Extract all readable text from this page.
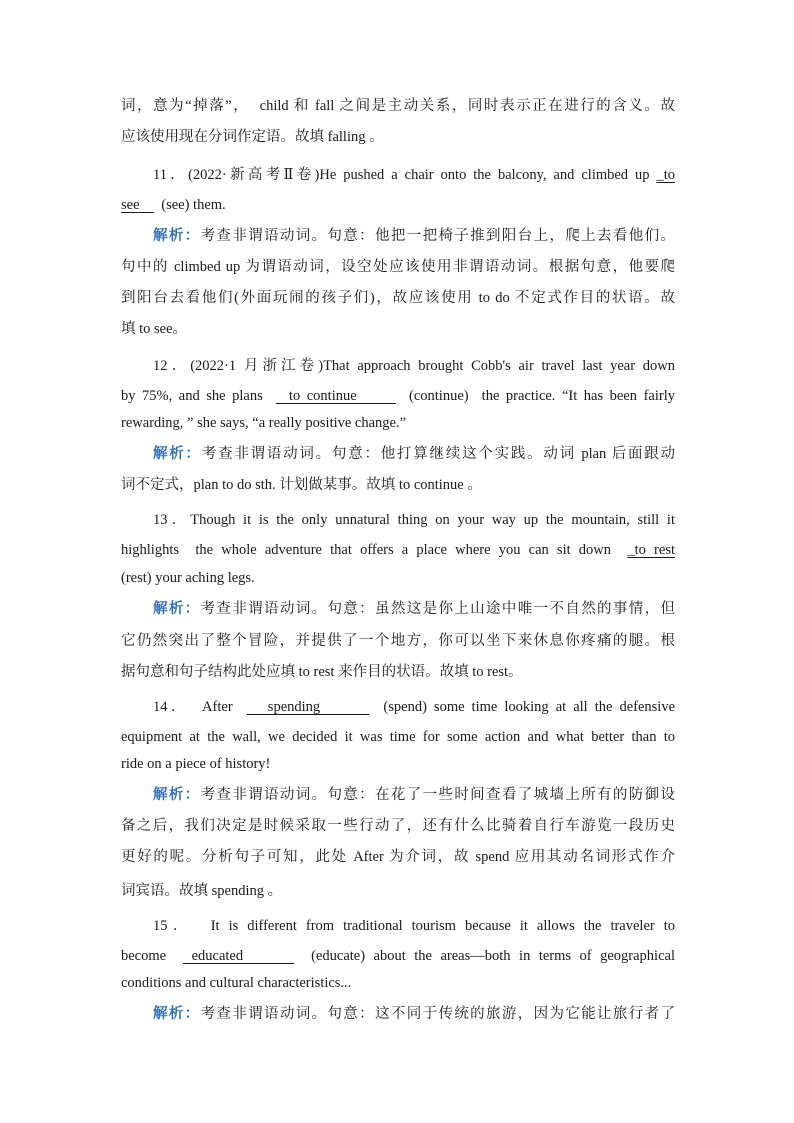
词，意为“掉落”，  child 和 fall 之间是主动关系，同时表示正在进行的含义。故
应该使用现在分词作定语。故填 falling 。
11．(2022·新高考Ⅱ卷)He pushed a chair onto the balcony, and climbed up _to
see      (see) them.
解析：考查非谓语动词。句意：他把一把椅子推到阳台上，爬上去看他们。
句中的 climbed up 为谓语动词，设空处应该使用非谓语动词。根据句意，他要爬
到阳台去看他们(外面玩闹的孩子们)，故应该使用 to do 不定式作目的状语。故
填 to see。
12．(2022·1 月浙江卷)That approach brought Cobb's air travel last year down
by 75%, and she plans    to continue        (continue)  the practice. “It has been fairly
rewarding, ” she says, “a really positive change.”
解析：考查非谓语动词。句意：他打算继续这个实践。动词 plan 后面跟动
词不定式，plan to do sth. 计划做某事。故填 to continue 。
13．Though it is the only unnatural thing on your way up the mountain, still it
highlights  the whole adventure that offers a place where you can sit down  _to rest
(rest) your aching legs.
解析：考查非谓语动词。句意：虽然这是你上山途中唯一不自然的事情，但
它仍然突出了整个冒险，并提供了一个地方，你可以坐下来休息你疼痛的腿。根
据句意和句子结构此处应填 to rest 来作目的状语。故填 to rest。
14．  After     spending         (spend) some time looking at all the defensive
equipment at the wall, we decided it was time for some action and what better than to
ride on a piece of history!
解析：考查非谓语动词。句意：在花了一些时间查看了城墙上所有的防御设
备之后，我们决定是时候采取一些行动了，还有什么比骑着自行车游览一段历史
更好的呢。分析句子可知，此处 After 为介词，故 spend 应用其动名词形式作介
词宾语。故填 spending 。
15．  It is different from traditional tourism because it allows the traveler to
become   educated        (educate) about the areas—both in terms of geographical
conditions and cultural characteristics...
解析：考查非谓语动词。句意：这不同于传统的旅游，因为它能让旅行者了
